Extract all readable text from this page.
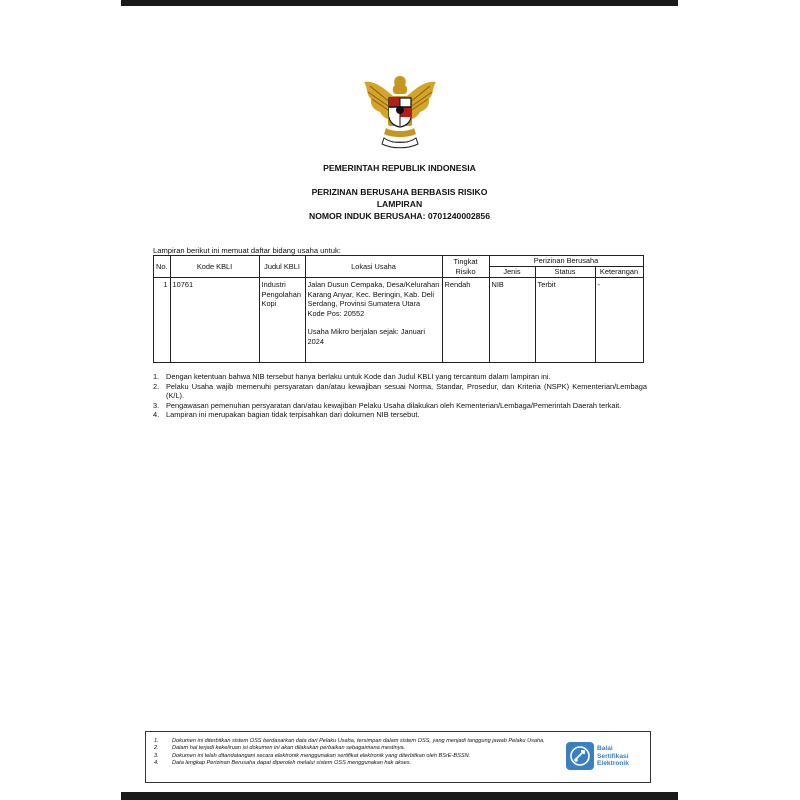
PEMERINTAH REPUBLIK INDONESIA
PERIZINAN BERUSAHA BERBASIS RISIKO
LAMPIRAN
NOMOR INDUK BERUSAHA: 0701240002856
Lampiran berikut ini memuat daftar bidang usaha untuk:
No.	Kode KBLI	Judul KBLI	Lokasi Usaha	Tingkat Risiko	Perizinan Berusaha		
					Jenis	Status	Keterangan
1	10761	Industri Pengolahan Kopi	Jalan Dusun Cempaka, Desa/Kelurahan Karang Anyar, Kec. Beringin, Kab. Deli Serdang, Provinsi Sumatera Utara
Kode Pos: 20552
Usaha Mikro berjalan sejak: Januari 2024	Rendah	NIB	Terbit	-
1. Dengan ketentuan bahwa NIB tersebut hanya berlaku untuk Kode dan Judul KBLI yang tercantum dalam lampiran ini.
2. Pelaku Usaha wajib memenuhi persyaratan dan/atau kewajiban sesuai Norma, Standar, Prosedur, dan Kriteria (NSPK) Kementerian/Lembaga (K/L).
3. Pengawasan pemenuhan persyaratan dan/atau kewajiban Pelaku Usaha dilakukan oleh Kementerian/Lembaga/Pemerintah Daerah terkait.
4. Lampiran ini merupakan bagian tidak terpisahkan dari dokumen NIB tersebut.
1. Dokumen ini diterbitkan sistem OSS berdasarkan data dari Pelaku Usaha, tersimpan dalam sistem OSS, yang menjadi tanggung jawab Pelaku Usaha.
2. Dalam hal terjadi kekeliruan isi dokumen ini akan dilakukan perbaikan sebagaimana mestinya.
3. Dokumen ini telah ditandatangani secara elektronik menggunakan sertifikat elektronik yang diterbitkan oleh BSrE-BSSN.
4. Data lengkap Perizinan Berusaha dapat diperoleh melalui sistem OSS menggunakan hak akses.
Balai
Sertifikasi
Elektronik
